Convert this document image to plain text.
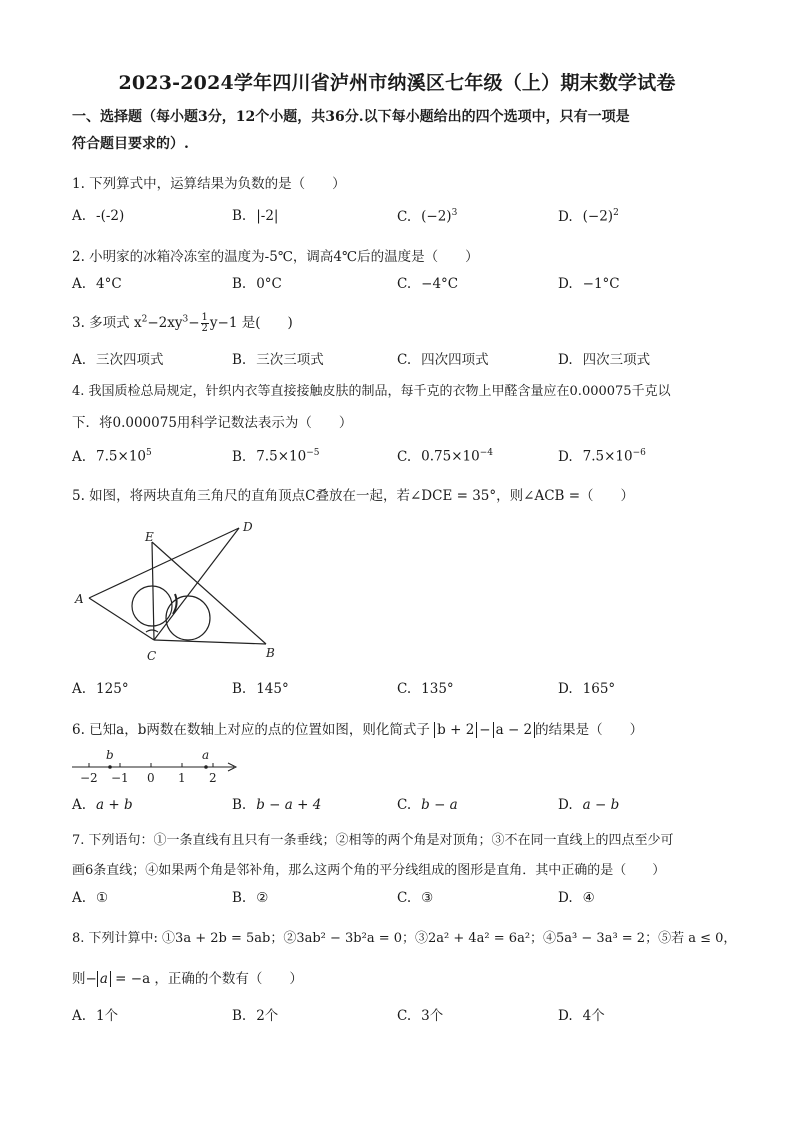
2023-2024学年四川省泸州市纳溪区七年级（上）期末数学试卷
一、选择题（每小题3分，12个小题，共36分.以下每小题给出的四个选项中，只有一项是
符合题目要求的）.
1. 下列算式中，运算结果为负数的是（　　）
A. -(-2)	B. |-2|	C. $(-2)^3$	D. $(-2)^2$
2. 小明家的冰箱冷冻室的温度为-5℃，调高4℃后的温度是（　　）
A. 4°C	B. 0°C	C. −4°C	D. −1°C
3. 多项式 $x^2-2xy^3- \frac{1}{2} y-1$ 是(　　)
A. 三次四项式	B. 三次三项式	C. 四次四项式	D. 四次三项式
4. 我国质检总局规定，针织内衣等直接接触皮肤的制品，每千克的衣物上甲醛含量应在0.000075千克以
下．将0.000075用科学记数法表示为（　　）
A. $7.5\times 10^5$	B. $7.5\times 10^{-5}$	C. $0.75\times 10^{-4}$	D. $7.5\times 10^{-6}$
5. 如图，将两块直角三角尺的直角顶点C叠放在一起，若∠DCE = 35°，则∠ACB =（　　）
A
C
D
E
B
A. 125°	B. 145°	C. 135°	D. 165°
6. 已知a，b两数在数轴上对应的点的位置如图，则化简式子 b + 2 − a − 2 的结果是（　　）
b	a
−2 −1 0 1 2
A. a + b	B. b − a + 4	C. b − a	D. a − b
7. 下列语句：①一条直线有且只有一条垂线；②相等的两个角是对顶角；③不在同一直线上的四点至少可
画6条直线；④如果两个角是邻补角，那么这两个角的平分线组成的图形是直角．其中正确的是（　　）
A. ①	B. ②	C. ③	D. ④
8. 下列计算中: ①3a + 2b = 5ab；②3ab² − 3b²a = 0；③2a² + 4a² = 6a²；④5a³ − 3a³ = 2；⑤若 a ≤ 0，
则− a = −a ，正确的个数有（　　）
A. 1个	B. 2个	C. 3个	D. 4个
